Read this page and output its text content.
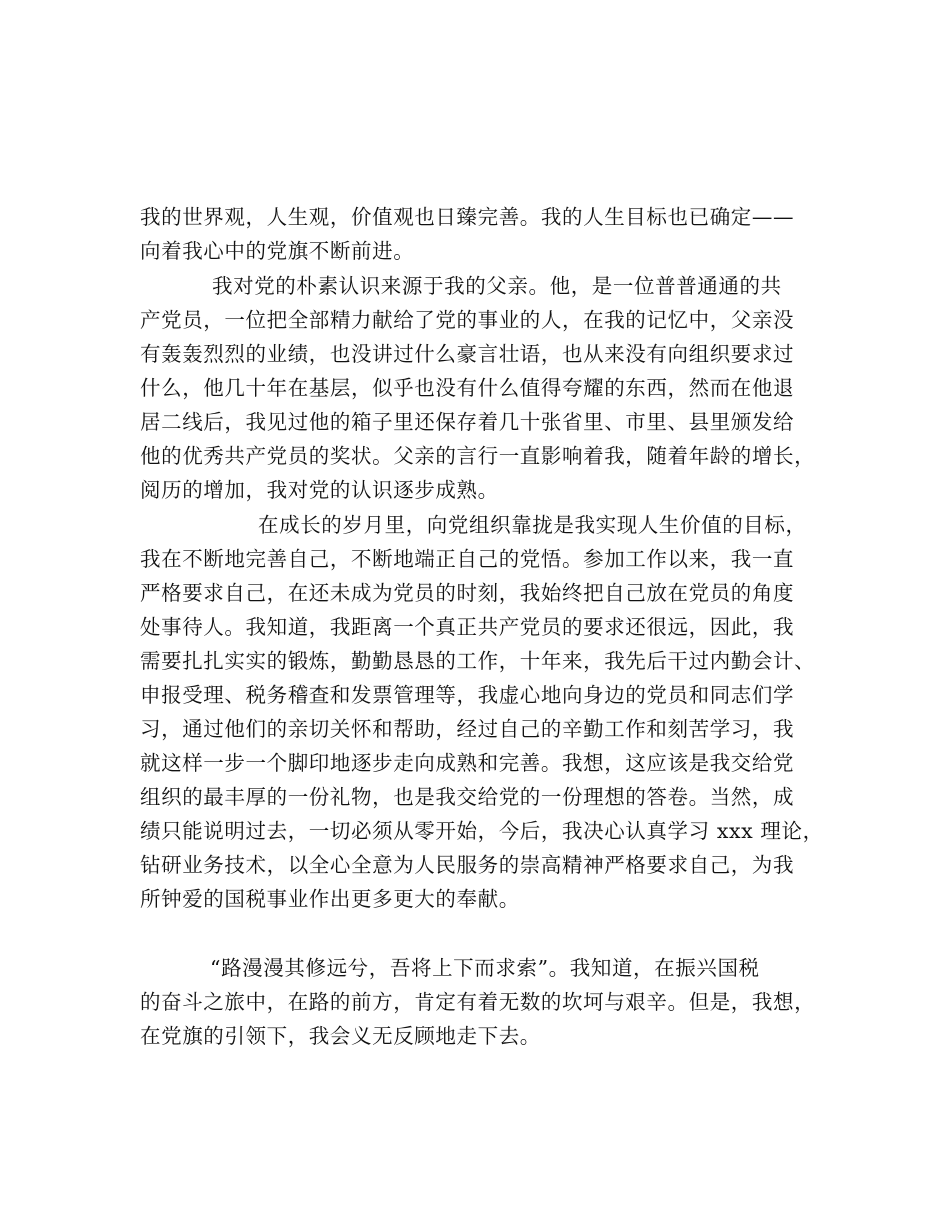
我的世界观，人生观，价值观也日臻完善。我的人生目标也已确定——
向着我心中的党旗不断前进。
我对党的朴素认识来源于我的父亲。他，是一位普普通通的共
产党员，一位把全部精力献给了党的事业的人，在我的记忆中，父亲没
有轰轰烈烈的业绩，也没讲过什么豪言壮语，也从来没有向组织要求过
什么，他几十年在基层，似乎也没有什么值得夸耀的东西，然而在他退
居二线后，我见过他的箱子里还保存着几十张省里、市里、县里颁发给
他的优秀共产党员的奖状。父亲的言行一直影响着我，随着年龄的增长，
阅历的增加，我对党的认识逐步成熟。
在成长的岁月里，向党组织靠拢是我实现人生价值的目标，
我在不断地完善自己，不断地端正自己的党悟。参加工作以来，我一直
严格要求自己，在还未成为党员的时刻，我始终把自己放在党员的角度
处事待人。我知道，我距离一个真正共产党员的要求还很远，因此，我
需要扎扎实实的锻炼，勤勤恳恳的工作，十年来，我先后干过内勤会计、
申报受理、税务稽查和发票管理等，我虚心地向身边的党员和同志们学
习，通过他们的亲切关怀和帮助，经过自己的辛勤工作和刻苦学习，我
就这样一步一个脚印地逐步走向成熟和完善。我想，这应该是我交给党
组织的最丰厚的一份礼物，也是我交给党的一份理想的答卷。当然，成
绩只能说明过去，一切必须从零开始，今后，我决心认真学习 xxx 理论，
钻研业务技术，以全心全意为人民服务的崇高精神严格要求自己，为我
所钟爱的国税事业作出更多更大的奉献。
“路漫漫其修远兮，吾将上下而求索”。我知道，在振兴国税
的奋斗之旅中，在路的前方，肯定有着无数的坎坷与艰辛。但是，我想，
在党旗的引领下，我会义无反顾地走下去。
